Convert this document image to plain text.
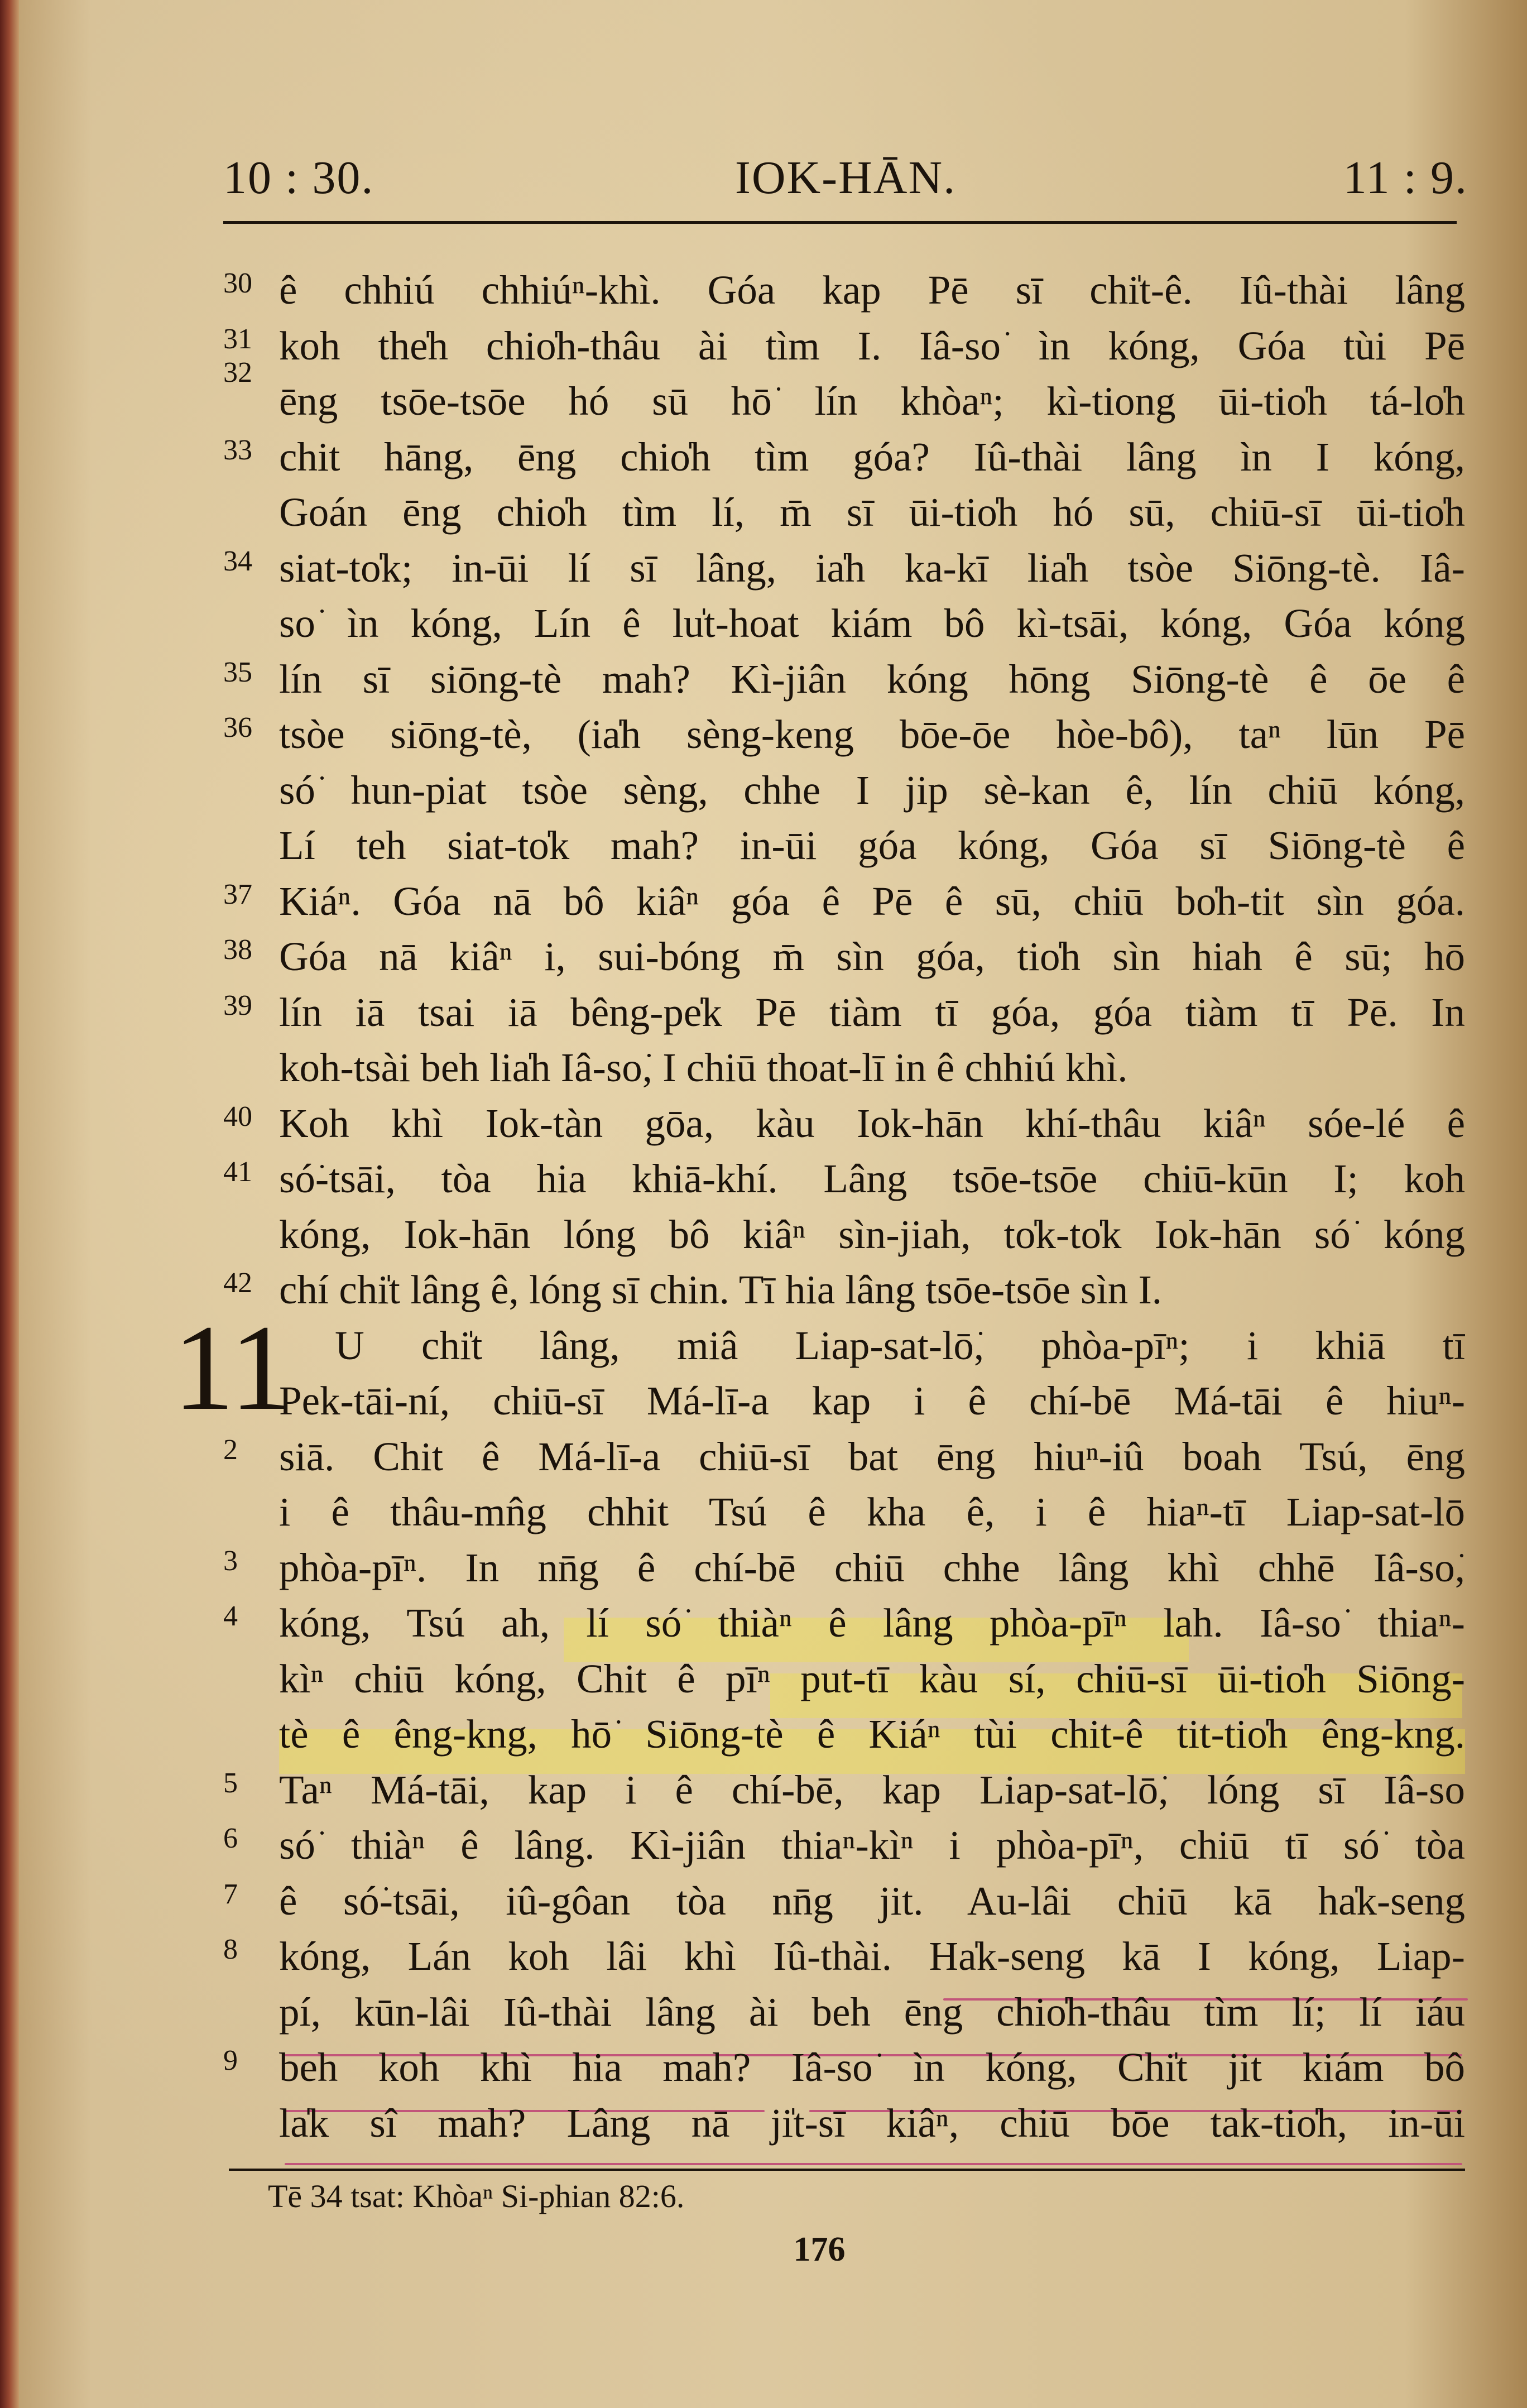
10 : 30.	IOK-HĀN.	11 : 9.
11
ê chhiú chhiúⁿ-khì. Góa kap Pē sī chi̍t-ê. Iû-thài lâng
30
koh the̍h chio̍h-thâu ài tìm I. Iâ-so͘ ìn kóng, Góa tùi Pē
31 32
ēng tsōe-tsōe hó sū hō͘ lín khòaⁿ; kì-tiong ūi-tio̍h tá-lo̍h
chit hāng, ēng chio̍h tìm góa? Iû-thài lâng ìn I kóng,
33
Goán ēng chio̍h tìm lí, m̄ sī ūi-tio̍h hó sū, chiū-sī ūi-tio̍h
siat-to̍k; in-ūi lí sī lâng, ia̍h ka-kī lia̍h tsòe Siōng-tè. Iâ-
34
so͘ ìn kóng, Lín ê lu̍t-hoat kiám bô kì-tsāi, kóng, Góa kóng
lín sī siōng-tè mah? Kì-jiân kóng hōng Siōng-tè ê ōe ê
35
tsòe siōng-tè, (ia̍h sèng-keng bōe-ōe hòe-bô), taⁿ lūn Pē
36
só͘ hun-piat tsòe sèng, chhe I jip sè-kan ê, lín chiū kóng,
Lí teh siat-to̍k mah? in-ūi góa kóng, Góa sī Siōng-tè ê
Kiáⁿ. Góa nā bô kiâⁿ góa ê Pē ê sū, chiū bo̍h-tit sìn góa.
37
Góa nā kiâⁿ i, sui-bóng m̄ sìn góa, tio̍h sìn hiah ê sū; hō͘
38
lín iā tsai iā bêng-pe̍k Pē tiàm tī góa, góa tiàm tī Pē. In
39
koh-tsài beh lia̍h Iâ-so͘, I chiū thoat-lī in ê chhiú khì.
Koh khì Iok-tàn gōa, kàu Iok-hān khí-thâu kiâⁿ sóe-lé ê
40
só͘-tsāi, tòa hia khiā-khí. Lâng tsōe-tsōe chiū-kūn I; koh
41
kóng, Iok-hān lóng bô kiâⁿ sìn-jiah, to̍k-to̍k Iok-hān só͘ kóng
chí chi̍t lâng ê, lóng sī chin. Tī hia lâng tsōe-tsōe sìn I.
42
U chi̍t lâng, miâ Liap-sat-lō͘, phòa-pīⁿ; i khiā tī
Pek-tāi-ní, chiū-sī Má-lī-a kap i ê chí-bē Má-tāi ê hiuⁿ-
siā. Chit ê Má-lī-a chiū-sī bat ēng hiuⁿ-iû boah Tsú, ēng
2
i ê thâu-mn̂g chhit Tsú ê kha ê, i ê hiaⁿ-tī Liap-sat-lō͘
phòa-pīⁿ. In nn̄g ê chí-bē chiū chhe lâng khì chhē Iâ-so͘,
3
kóng, Tsú ah, lí só͘ thiàⁿ ê lâng phòa-pīⁿ lah. Iâ-so͘ thiaⁿ-
4
kìⁿ chiū kóng, Chit ê pīⁿ put-tī kàu sí, chiū-sī ūi-tio̍h Siōng-
tè ê êng-kng, hō͘ Siōng-tè ê Kiáⁿ tùi chit-ê tit-tio̍h êng-kng.
Taⁿ Má-tāi, kap i ê chí-bē, kap Liap-sat-lō͘, lóng sī Iâ-so͘
5
só͘ thiàⁿ ê lâng. Kì-jiân thiaⁿ-kìⁿ i phòa-pīⁿ, chiū tī só͘ tòa
6
ê só͘-tsāi, iû-gôan tòa nn̄g jit. Au-lâi chiū kā ha̍k-seng
7
kóng, Lán koh lâi khì Iû-thài. Ha̍k-seng kā I kóng, Liap-
8
pí, kūn-lâi Iû-thài lâng ài beh ēng chio̍h-thâu tìm lí; lí iáu
beh koh khì hia mah? Iâ-so͘ ìn kóng, Chi̍t jit kiám bô
9
la̍k sî mah? Lâng nā ji̍t-sī kiâⁿ, chiū bōe tak-tio̍h, in-ūi
Tē 34 tsat: Khòaⁿ Si-phian 82:6.
176
